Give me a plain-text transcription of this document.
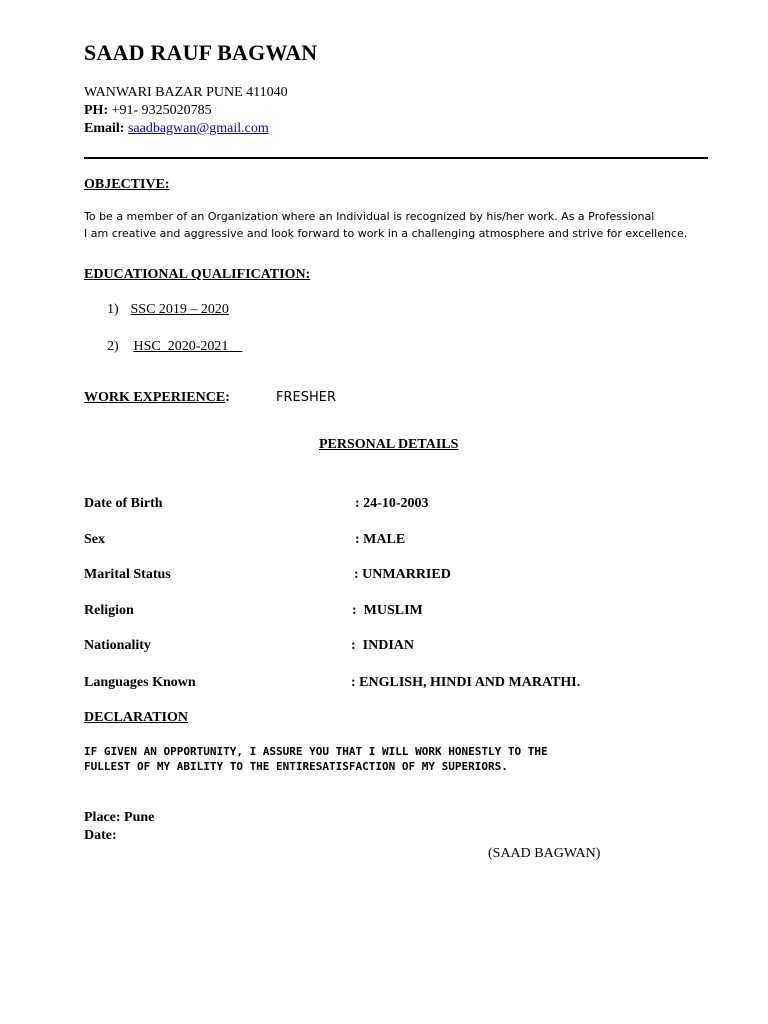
SAAD RAUF BAGWAN
WANWARI BAZAR PUNE 411040
PH: +91- 9325020785
Email: saadbagwan@gmail.com
OBJECTIVE:
To be a member of an Organization where an Individual is recognized by his/her work. As a Professional
I am creative and aggressive and look forward to work in a challenging atmosphere and strive for excellence.
EDUCATIONAL QUALIFICATION:
1) SSC 2019 – 2020
2) HSC  2020-2021
WORK EXPERIENCE:	FRESHER
PERSONAL DETAILS
Date of Birth	: 24-10-2003
Sex	: MALE
Marital Status	: UNMARRIED
Religion	:  MUSLIM
Nationality	:  INDIAN
Languages Known	: ENGLISH, HINDI AND MARATHI.
DECLARATION
IF GIVEN AN OPPORTUNITY, I ASSURE YOU THAT I WILL WORK HONESTLY TO THE
FULLEST OF MY ABILITY TO THE ENTIRESATISFACTION OF MY SUPERIORS.
Place: Pune
Date:
(SAAD BAGWAN)
